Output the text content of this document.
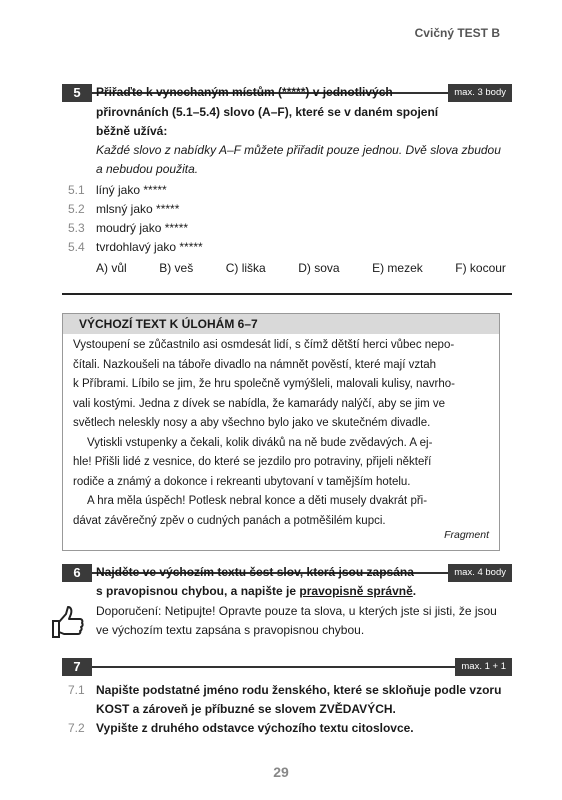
Cvičný TEST B
5	max. 3 body
Přiřaďte k vynechaným místům (*****) v jednotlivých
přirovnáních (5.1–5.4) slovo (A–F), které se v daném spojení
běžně užívá:
Každé slovo z nabídky A–F můžete přiřadit pouze jednou. Dvě slova zbudou
a nebudou použita.
5.1 líný jako *****
5.2 mlsný jako *****
5.3 moudrý jako *****
5.4 tvrdohlavý jako *****
A) vůl	B) veš	C) liška	D) sova	E) mezek	F) kocour
VÝCHOZÍ TEXT K ÚLOHÁM 6–7
Vystoupení se zůčastnilo asi osmdesát lidí, s čímž dětští herci vůbec nepo-
čítali. Nazkoušeli na táboře divadlo na námnět pověstí, které mají vztah
k Příbrami. Líbilo se jim, že hru společně vymýšleli, malovali kulisy, navrho-
vali kostými. Jedna z dívek se nabídla, že kamarády nalýčí, aby se jim ve
světlech neleskly nosy a aby všechno bylo jako ve skutečném divadle.
Vytiskli vstupenky a čekali, kolik diváků na ně bude zvědavých. A ej-
hle! Přišli lidé z vesnice, do které se jezdilo pro potraviny, přijeli někteří
rodiče a známý a dokonce i rekreanti ubytovaní v tamějším hotelu.
A hra měla úspěch! Potlesk nebral konce a děti musely dvakrát při-
dávat závěrečný zpěv o cudných panách a potměšilém kupci.
Fragment
6	max. 4 body
Najděte ve výchozím textu šest slov, která jsou zapsána
s pravopisnou chybou, a napište je pravopisně správně.
Doporučení: Netipujte! Opravte pouze ta slova, u kterých jste si jisti, že jsou
ve výchozím textu zapsána s pravopisnou chybou.
7	max. 1 + 1
7.1 Napište podstatné jméno rodu ženského, které se skloňuje podle vzoru
KOST a zároveň je příbuzné se slovem ZVĚDAVÝCH.
7.2 Vypište z druhého odstavce výchozího textu citoslovce.
29
